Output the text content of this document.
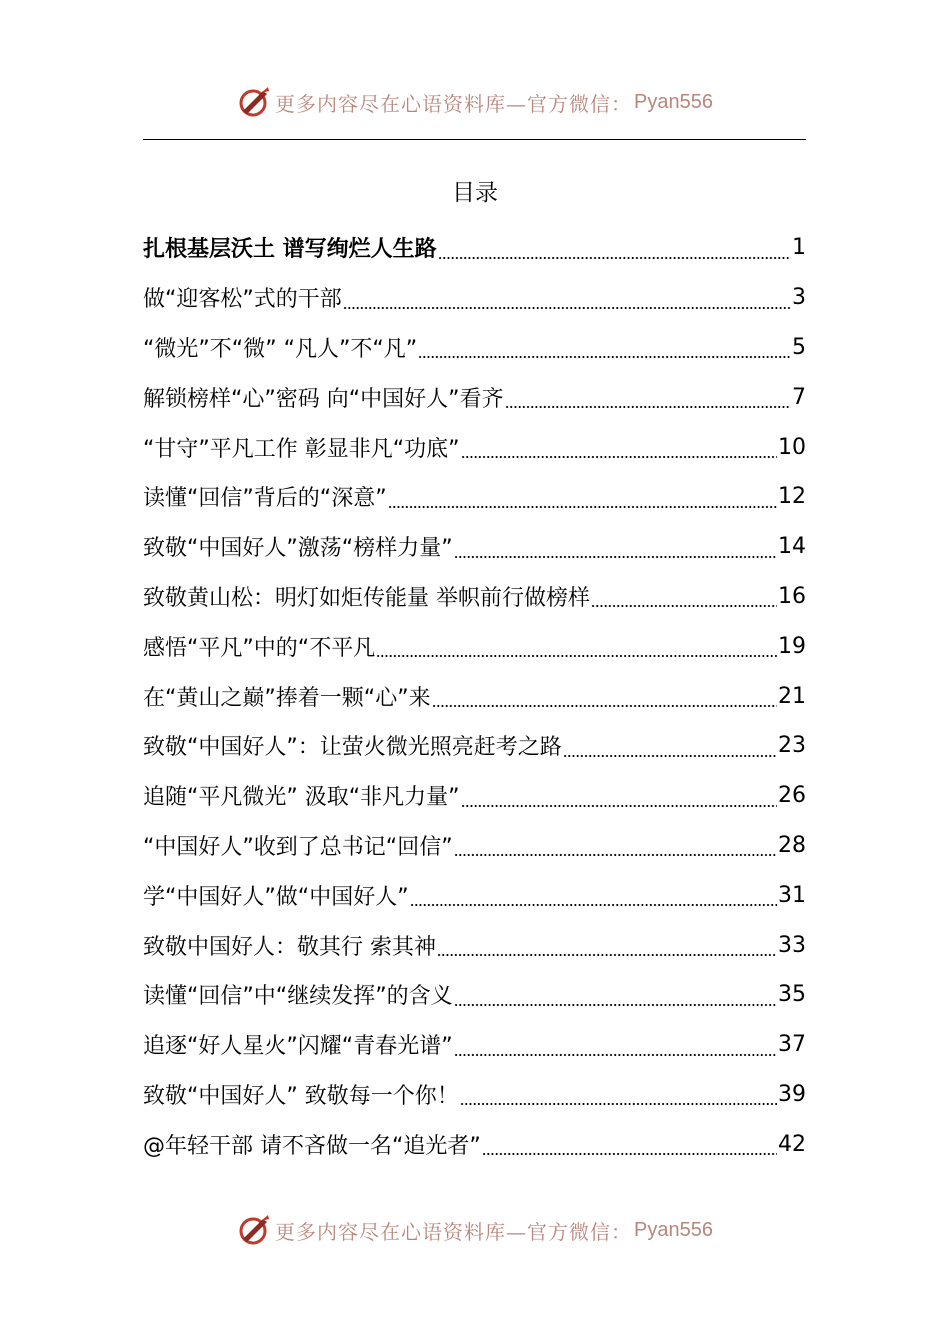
更多内容尽在心语资料库—官方微信： Pyan556
目录
扎根基层沃土 谱写绚烂人生路	1
做“迎客松”式的干部	3
“微光”不“微” “凡人”不“凡”	5
解锁榜样“心”密码 向“中国好人”看齐	7
“甘守”平凡工作 彰显非凡“功底”	10
读懂“回信”背后的“深意”	12
致敬“中国好人”激荡“榜样力量”	14
致敬黄山松：明灯如炬传能量 举帜前行做榜样	16
感悟“平凡”中的“不平凡	19
在“黄山之巅”捧着一颗“心”来	21
致敬“中国好人”：让萤火微光照亮赶考之路	23
追随“平凡微光” 汲取“非凡力量”	26
“中国好人”收到了总书记“回信”	28
学“中国好人”做“中国好人”	31
致敬中国好人：敬其行 索其神	33
读懂“回信”中“继续发挥”的含义	35
追逐“好人星火”闪耀“青春光谱”	37
致敬“中国好人” 致敬每一个你！	39
@年轻干部 请不吝做一名“追光者”	42
更多内容尽在心语资料库—官方微信： Pyan556
